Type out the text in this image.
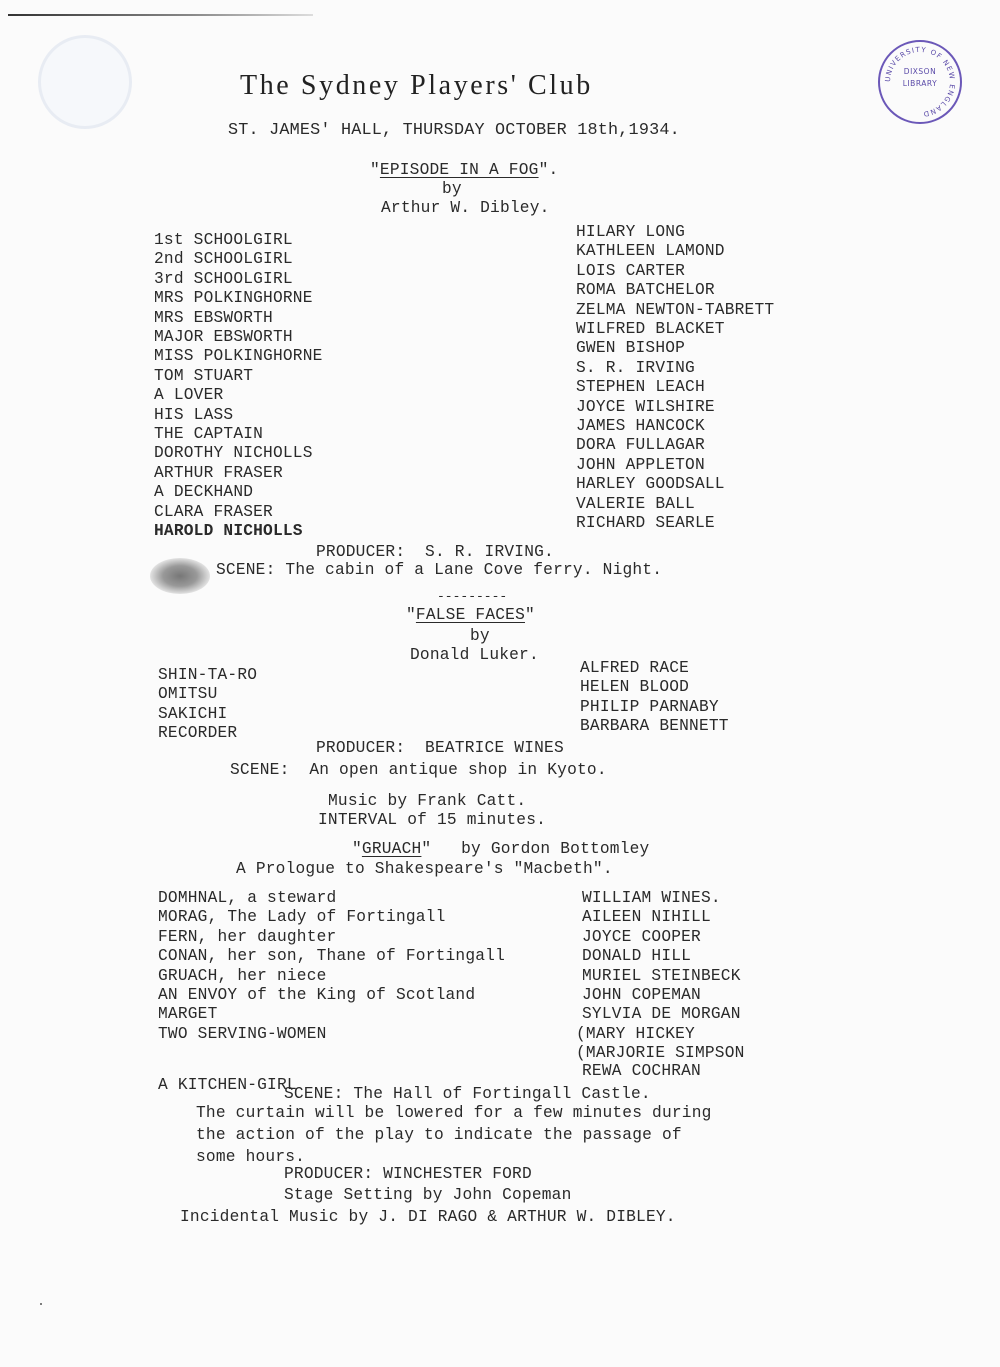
UNIVERSITY OF NEW ENGLAND
DIXSON
LIBRARY
The Sydney Players' Club
ST. JAMES' HALL, THURSDAY OCTOBER 18th,1934.
"EPISODE IN A FOG".
by
Arthur W. Dibley.
1st SCHOOLGIRL
2nd SCHOOLGIRL
3rd SCHOOLGIRL
MRS POLKINGHORNE
MRS EBSWORTH
MAJOR EBSWORTH
MISS POLKINGHORNE
TOM STUART
A LOVER
HIS LASS
THE CAPTAIN
DOROTHY NICHOLLS
ARTHUR FRASER
A DECKHAND
CLARA FRASER
HAROLD NICHOLLS
HILARY LONG
KATHLEEN LAMOND
LOIS CARTER
ROMA BATCHELOR
ZELMA NEWTON-TABRETT
WILFRED BLACKET
GWEN BISHOP
S. R. IRVING
STEPHEN LEACH
JOYCE WILSHIRE
JAMES HANCOCK
DORA FULLAGAR
JOHN APPLETON
HARLEY GOODSALL
VALERIE BALL
RICHARD SEARLE
PRODUCER:  S. R. IRVING.
SCENE: The cabin of a Lane Cove ferry. Night.
---------
"FALSE FACES"
by
Donald Luker.
SHIN-TA-RO
OMITSU
SAKICHI
RECORDER
ALFRED RACE
HELEN BLOOD
PHILIP PARNABY
BARBARA BENNETT
PRODUCER:  BEATRICE WINES
SCENE:  An open antique shop in Kyoto.
Music by Frank Catt.
INTERVAL of 15 minutes.
"GRUACH" by Gordon Bottomley
A Prologue to Shakespeare's "Macbeth".
DOMHNAL, a steward
MORAG, The Lady of Fortingall
FERN, her daughter
CONAN, her son, Thane of Fortingall
GRUACH, her niece
AN ENVOY of the King of Scotland
MARGET
TWO SERVING-WOMEN

A KITCHEN-GIRL
WILLIAM WINES.
AILEEN NIHILL
JOYCE COOPER
DONALD HILL
MURIEL STEINBECK
JOHN COPEMAN
SYLVIA DE MORGAN
(MARY HICKEY
(MARJORIE SIMPSON
REWA COCHRAN
SCENE: The Hall of Fortingall Castle.
The curtain will be lowered for a few minutes during
the action of the play to indicate the passage of
some hours.
PRODUCER: WINCHESTER FORD
Stage Setting by John Copeman
Incidental Music by J. DI RAGO & ARTHUR W. DIBLEY.
